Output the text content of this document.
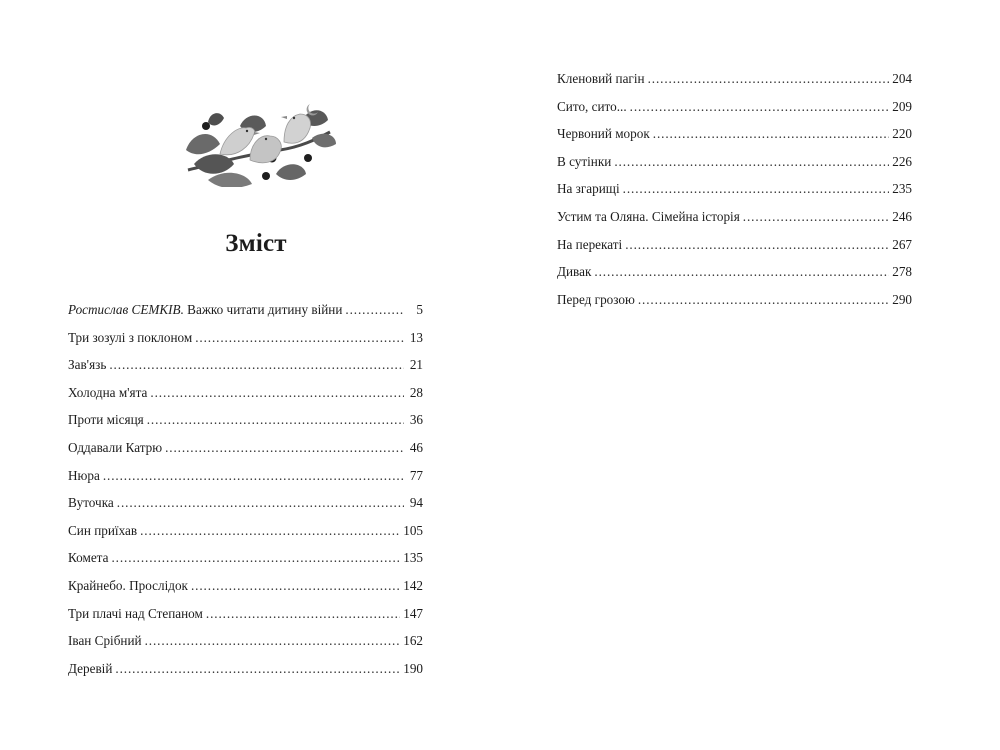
Зміст
Ростислав СЕМКІВ. Важко читати дитину війни . . .	5
Три зозулі з поклоном . . .	13
Зав'язь . . .	21
Холодна м'ята . . .	28
Проти місяця . . .	36
Оддавали Катрю . . .	46
Нюра . . .	77
Вуточка . . .	94
Син приїхав . . .	105
Комета . . .	135
Крайнебо. Прослідок . . .	142
Три плачі над Степаном . . .	147
Іван Срібний . . .	162
Деревій . . .	190
Кленовий пагін . . .	204
Сито, сито... . . .	209
Червоний морок . . .	220
В сутінки . . .	226
На згарищі . . .	235
Устим та Оляна. Сімейна історія . . .	246
На перекаті . . .	267
Дивак . . .	278
Перед грозою . . .	290
